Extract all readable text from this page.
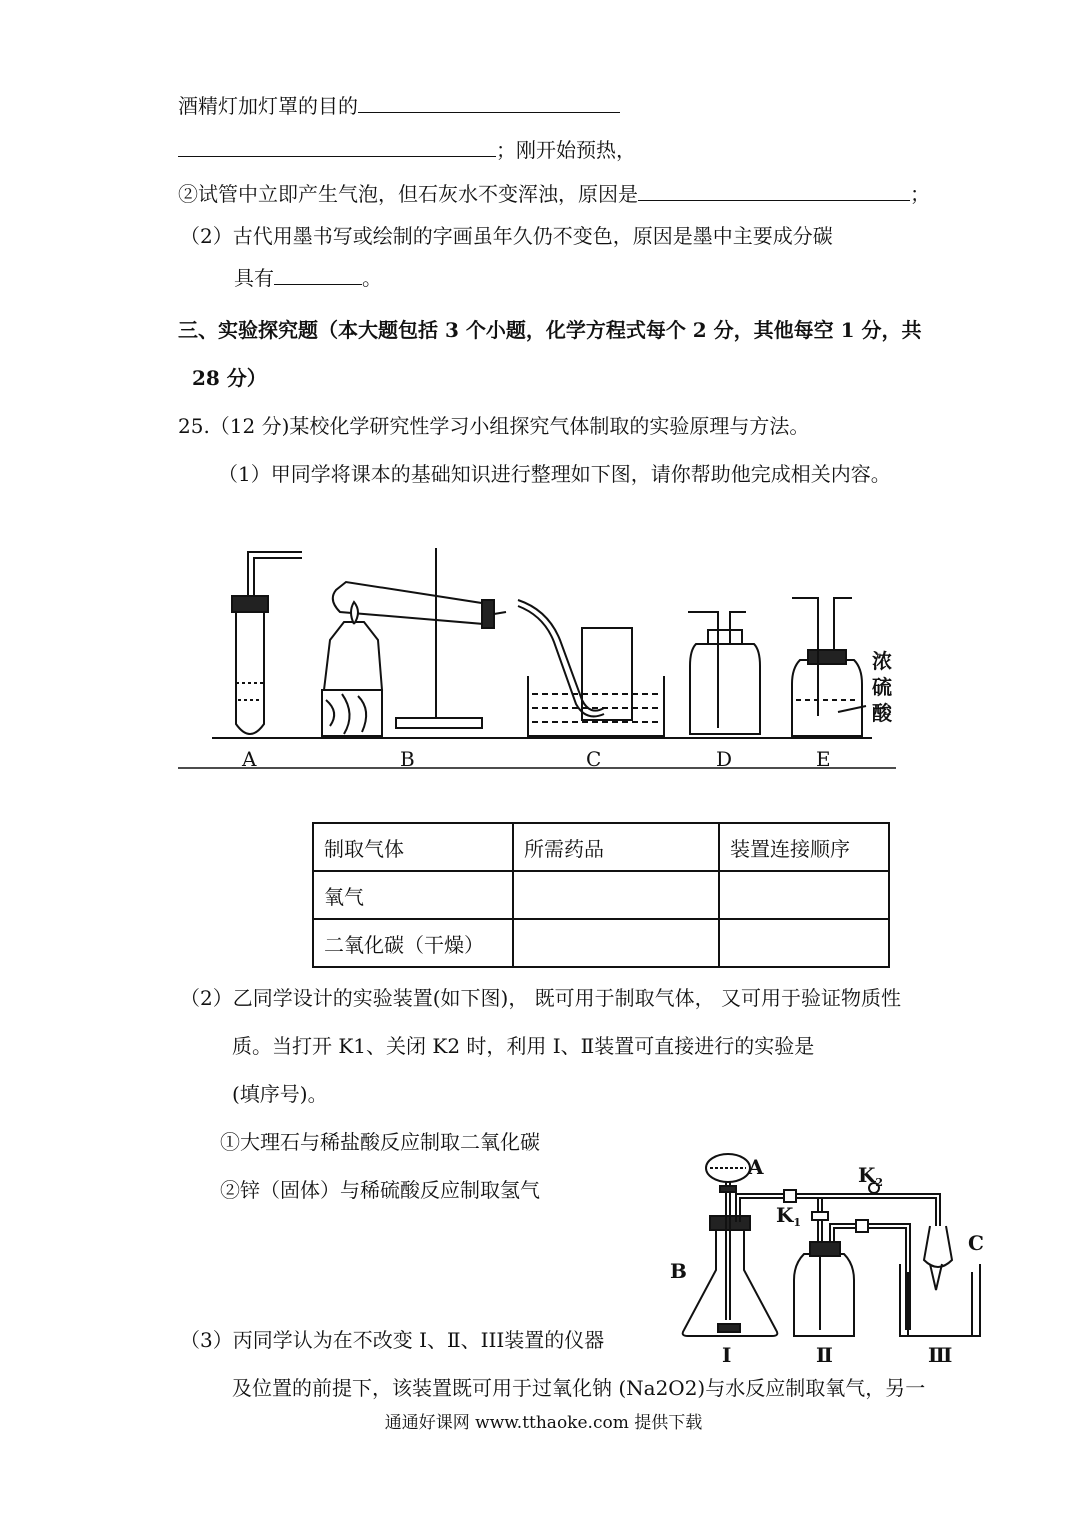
酒精灯加灯罩的目的
；刚开始预热，
②试管中立即产生气泡，但石灰水不变浑浊，原因是	；
（2）古代用墨书写或绘制的字画虽年久仍不变色，原因是墨中主要成分碳
具有	。
三、实验探究题（本大题包括 3 个小题，化学方程式每个 2 分，其他每空 1 分，共
28 分）
25.（12 分)某校化学研究性学习小组探究气体制取的实验原理与方法。
（1）甲同学将课本的基础知识进行整理如下图，请你帮助他完成相关内容。
A	B	C	D	E
浓
硫
酸
制取气体	所需药品	装置连接顺序
氧气		
二氧化碳（干燥）		
（2）乙同学设计的实验装置(如下图)， 既可用于制取气体， 又可用于验证物质性
质。当打开 K1、关闭 K2 时，利用 I、Ⅱ装置可直接进行的实验是
(填序号)。
①大理石与稀盐酸反应制取二氧化碳
②锌（固体）与稀硫酸反应制取氢气
（3）丙同学认为在不改变 I、Ⅱ、III装置的仪器
及位置的前提下，该装置既可用于过氧化钠 (Na2O2)与水反应制取氧气，另一
A
B
C
$K_1$
$K_2$
I	Ⅱ	Ⅲ
通通好课网 www.tthaoke.com 提供下载
